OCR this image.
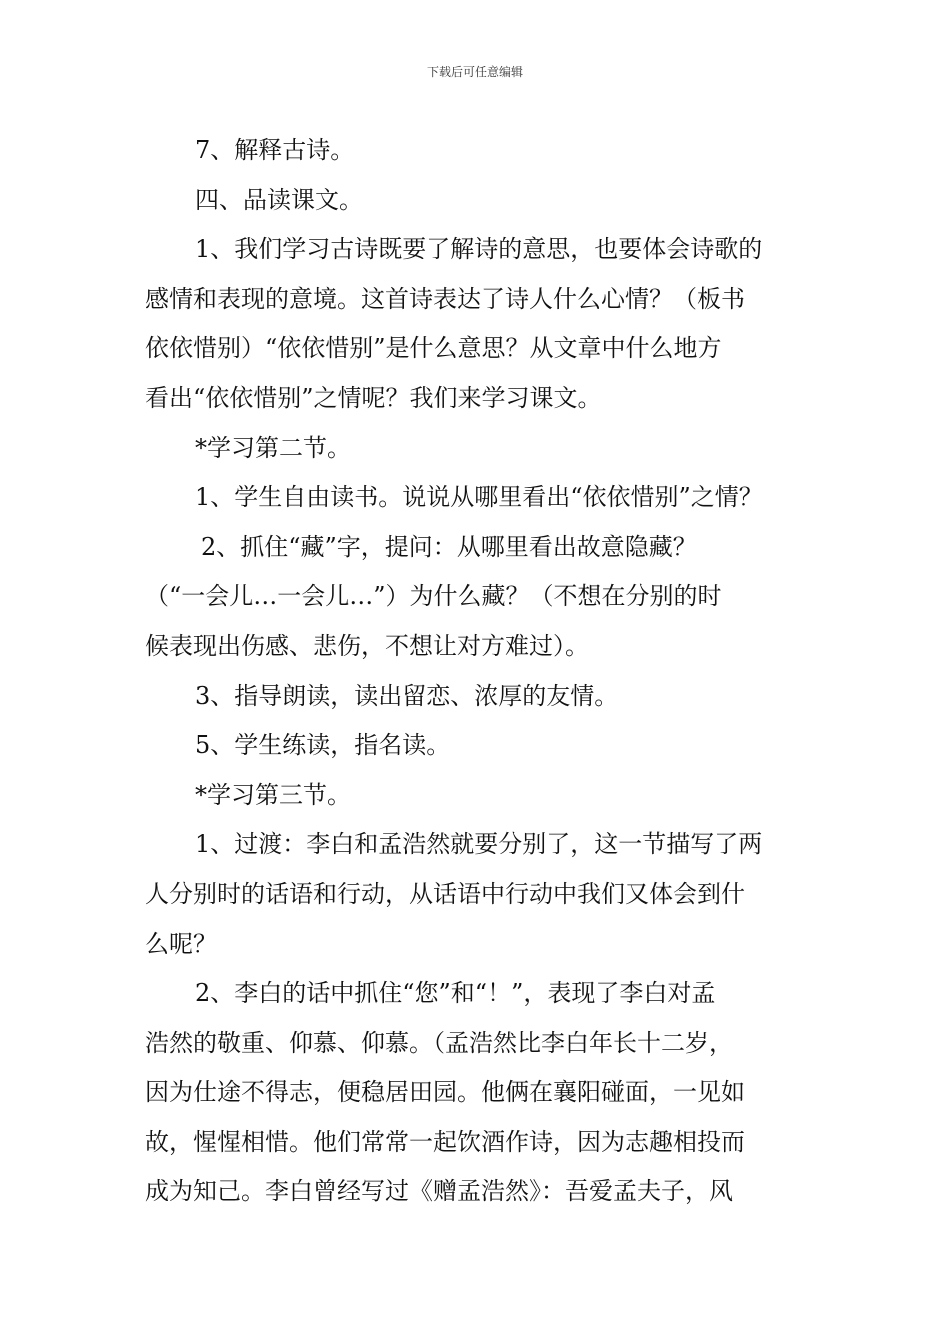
下载后可任意编辑
7、解释古诗。
四、品读课文。
1、我们学习古诗既要了解诗的意思，也要体会诗歌的
感情和表现的意境。这首诗表达了诗人什么心情？（板书
依依惜别）“依依惜别”是什么意思？从文章中什么地方
看出“依依惜别”之情呢？我们来学习课文。
*学习第二节。
1、学生自由读书。说说从哪里看出“依依惜别”之情？
2、抓住“藏”字，提问：从哪里看出故意隐藏？
（“一会儿…一会儿…”）为什么藏？（不想在分别的时
候表现出伤感、悲伤，不想让对方难过）。
3、指导朗读，读出留恋、浓厚的友情。
5、学生练读，指名读。
*学习第三节。
1、过渡：李白和孟浩然就要分别了，这一节描写了两
人分别时的话语和行动，从话语中行动中我们又体会到什
么呢？
2、李白的话中抓住“您”和“！”，表现了李白对孟
浩然的敬重、仰慕、仰慕。（孟浩然比李白年长十二岁，
因为仕途不得志，便稳居田园。他俩在襄阳碰面，一见如
故，惺惺相惜。他们常常一起饮酒作诗，因为志趣相投而
成为知己。李白曾经写过《赠孟浩然》：吾爱孟夫子，风
